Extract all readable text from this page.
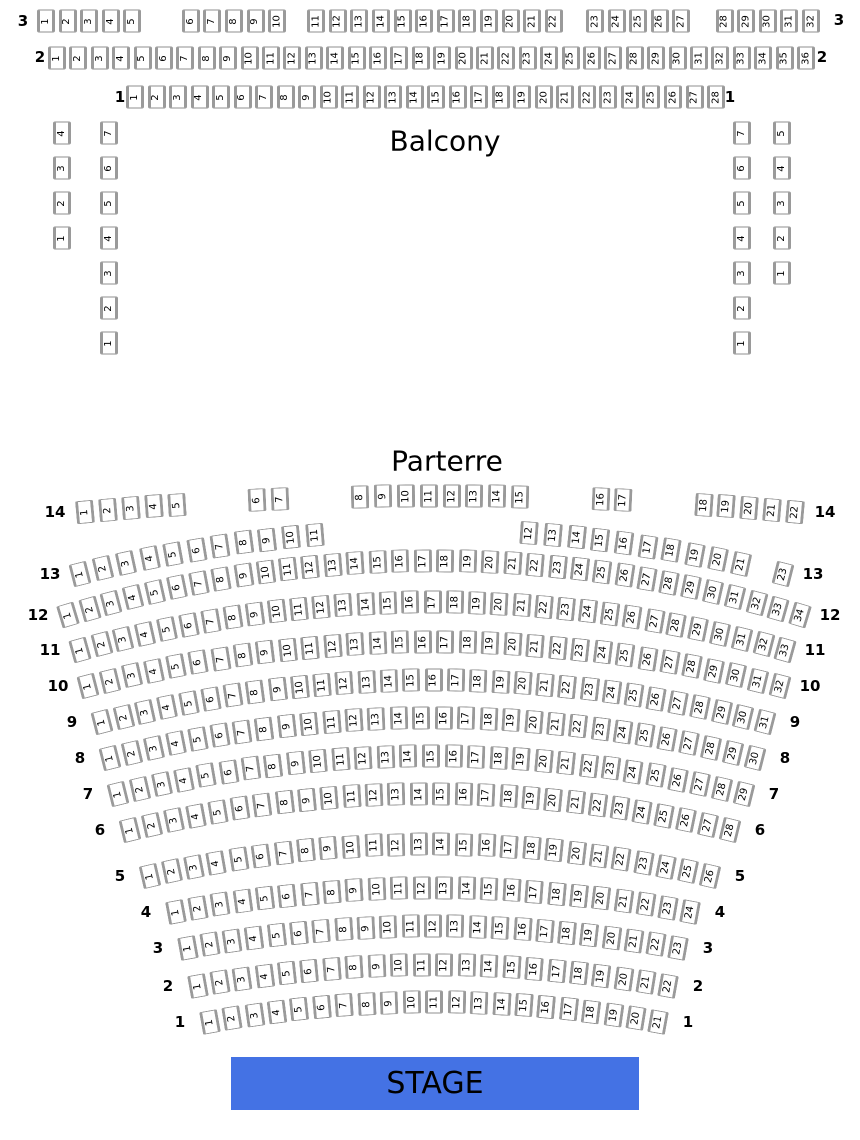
1 2 3 4 5	6 7 8 9 10	11 12 13 14 15 16 17 18 19 20 21 22	23 24 25 26 27	28 29 30 31 32
3	3
1 2 3 4 5 6 7 8 9 10 11 12 13 14 15 16 17 18 19 20 21 22 23 24 25 26 27 28 29 30 31 32 33 34 35 36
2	2
1 2 3 4 5 6 7 8 9 10 11 12 13 14 15 16 17 18 19 20 21 22 23 24 25 26 27 28
1	1
4
3
2
1
7
6
5
4
3
2
1
7
6
5
4
3
2
1
5
4
3
2
1
Balcony
1 2 3 4 5
6 7	8 9 10 11 12 13 14 15	16 17	18 19 20 21 22
14	14
1
2
3
4
5 6 7 8 9 10 11	12 13 14 15 16 17 18 19 20 21
23
13	13
1
2
3
4
5
6
7 8 9 10 11 12 13 14 15 16 17 18 19 20 21 22 23 24 25 26 27 28 29 30 31 32 33 34
12	12
1
2
3
4
5
6 7 8 9 10 11 12 13 14 15 16 17 18 19 20 21 22 23 24 25 26 27 28 29 30 31 32 33
11	11
1
2
3
4
5 6 7 8 9 10 11 12 13 14 15 16 17 18 19 20 21 22 23 24 25 26 27 28 29 30 31 32
10	10
1
2
3
4
5 6 7 8 9 10 11 12 13 14 15 16 17 18 19 20 21 22 23 24 25 26 27 28 29 30 31
9	9
1
2
3
4 5 6 7 8 9 10 11 12 13 14 15 16 17 18 19 20 21 22 23 24 25 26 27 28 29 30
8	8
1
2
3
4 5 6 7 8 9 10 11 12 13 14 15 16 17 18 19 20 21 22 23 24 25 26 27 28 29
7	7
1
2
3
4 5 6 7 8 9 10 11 12 13 14 15 16 17 18 19 20 21 22 23 24 25 26 27 28
6	6
1
2
3 4 5 6 7 8 9 10 11 12 13 14 15 16 17 18 19 20 21 22 23 24 25 26
5	5
1 2 3 4 5 6 7 8 9 10 11 12 13 14 15 16 17 18 19 20 21 22 23 24
4	4
1 2 3 4 5 6 7 8 9 10 11 12 13 14 15 16 17 18 19 20 21 22 23
3	3
1 2 3 4 5 6 7 8 9 10 11 12 13 14 15 16 17 18 19 20 21 22
2	2
1 2 3 4 5 6 7 8 9 10 11 12 13 14 15 16 17 18 19 20 21
1	1
Parterre
STAGE
